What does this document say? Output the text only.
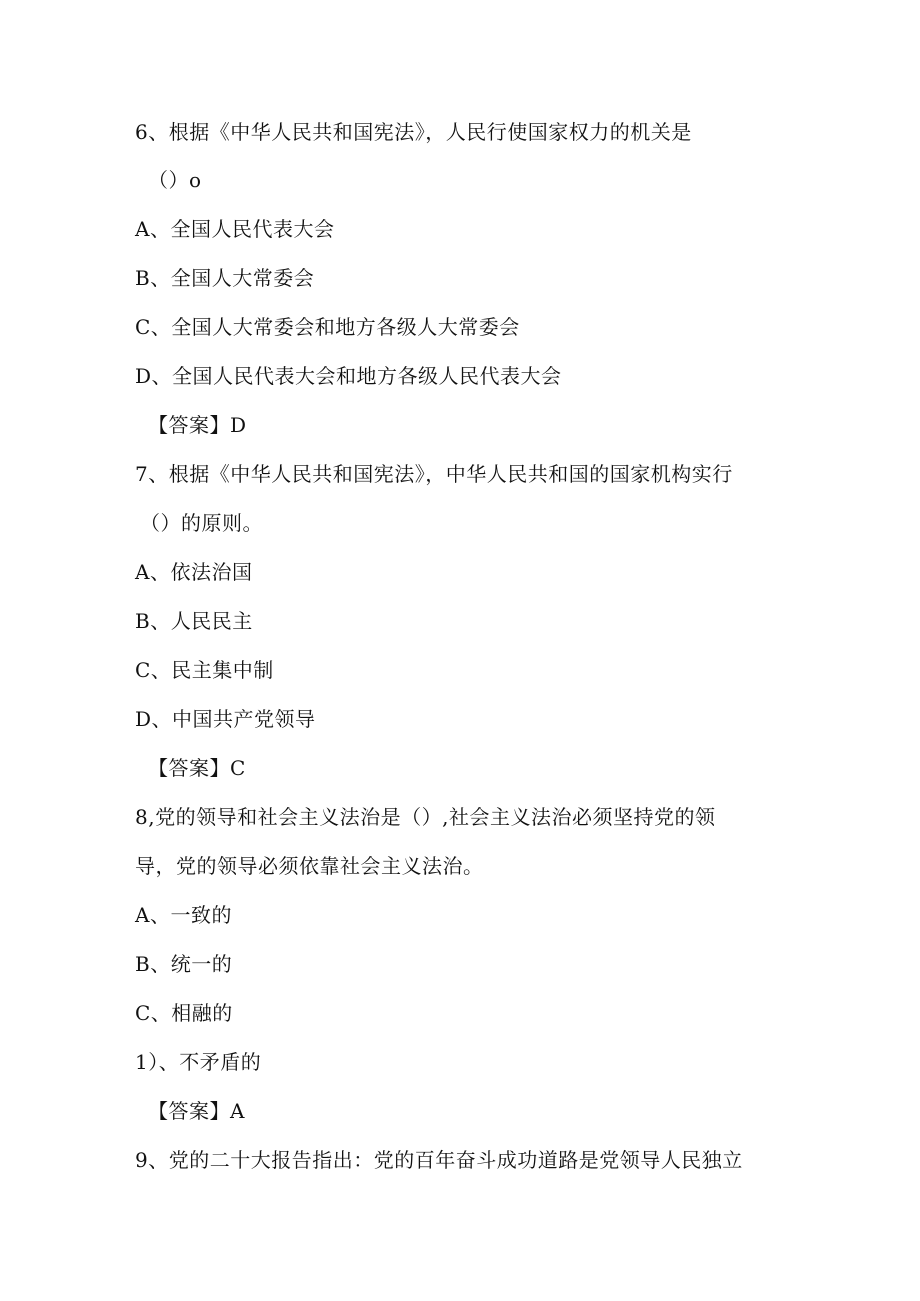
6、根据《中华人民共和国宪法》，人民行使国家权力的机关是
（）o
A、全国人民代表大会
B、全国人大常委会
C、全国人大常委会和地方各级人大常委会
D、全国人民代表大会和地方各级人民代表大会
【答案】D
7、根据《中华人民共和国宪法》，中华人民共和国的国家机构实行
（）的原则。
A、依法治国
B、人民民主
C、民主集中制
D、中国共产党领导
【答案】C
8,党的领导和社会主义法治是（）,社会主义法治必须坚持党的领
导，党的领导必须依靠社会主义法治。
A、一致的
B、统一的
C、相融的
1）、不矛盾的
【答案】A
9、党的二十大报告指出：党的百年奋斗成功道路是党领导人民独立
